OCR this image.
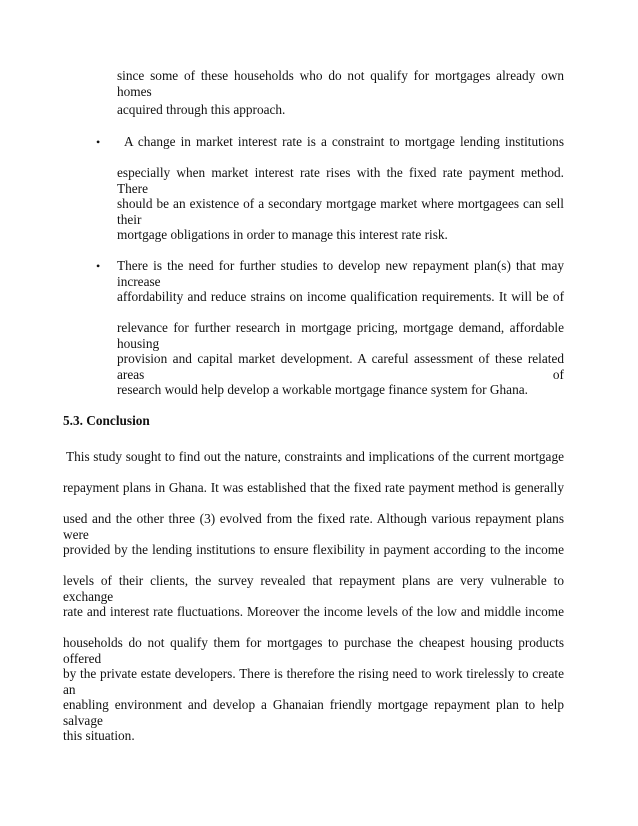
since some of these households who do not qualify for mortgages already own homes
acquired through this approach.
• A change in market interest rate is a constraint to mortgage lending institutions
especially when market interest rate rises with the fixed rate payment method. There
should be an existence of a secondary mortgage market where mortgagees can sell their
mortgage obligations in order to manage this interest rate risk.
• There is the need for further studies to develop new repayment plan(s) that may increase
affordability and reduce strains on income qualification requirements. It will be of
relevance for further research in mortgage pricing, mortgage demand, affordable housing
provision and capital market development. A careful assessment of these related areas of
research would help develop a workable mortgage finance system for Ghana.
5.3. Conclusion
This study sought to find out the nature, constraints and implications of the current mortgage
repayment plans in Ghana. It was established that the fixed rate payment method is generally
used and the other three (3) evolved from the fixed rate. Although various repayment plans were
provided by the lending institutions to ensure flexibility in payment according to the income
levels of their clients, the survey revealed that repayment plans are very vulnerable to exchange
rate and interest rate fluctuations. Moreover the income levels of the low and middle income
households do not qualify them for mortgages to purchase the cheapest housing products offered
by the private estate developers. There is therefore the rising need to work tirelessly to create an
enabling environment and develop a Ghanaian friendly mortgage repayment plan to help salvage
this situation.
